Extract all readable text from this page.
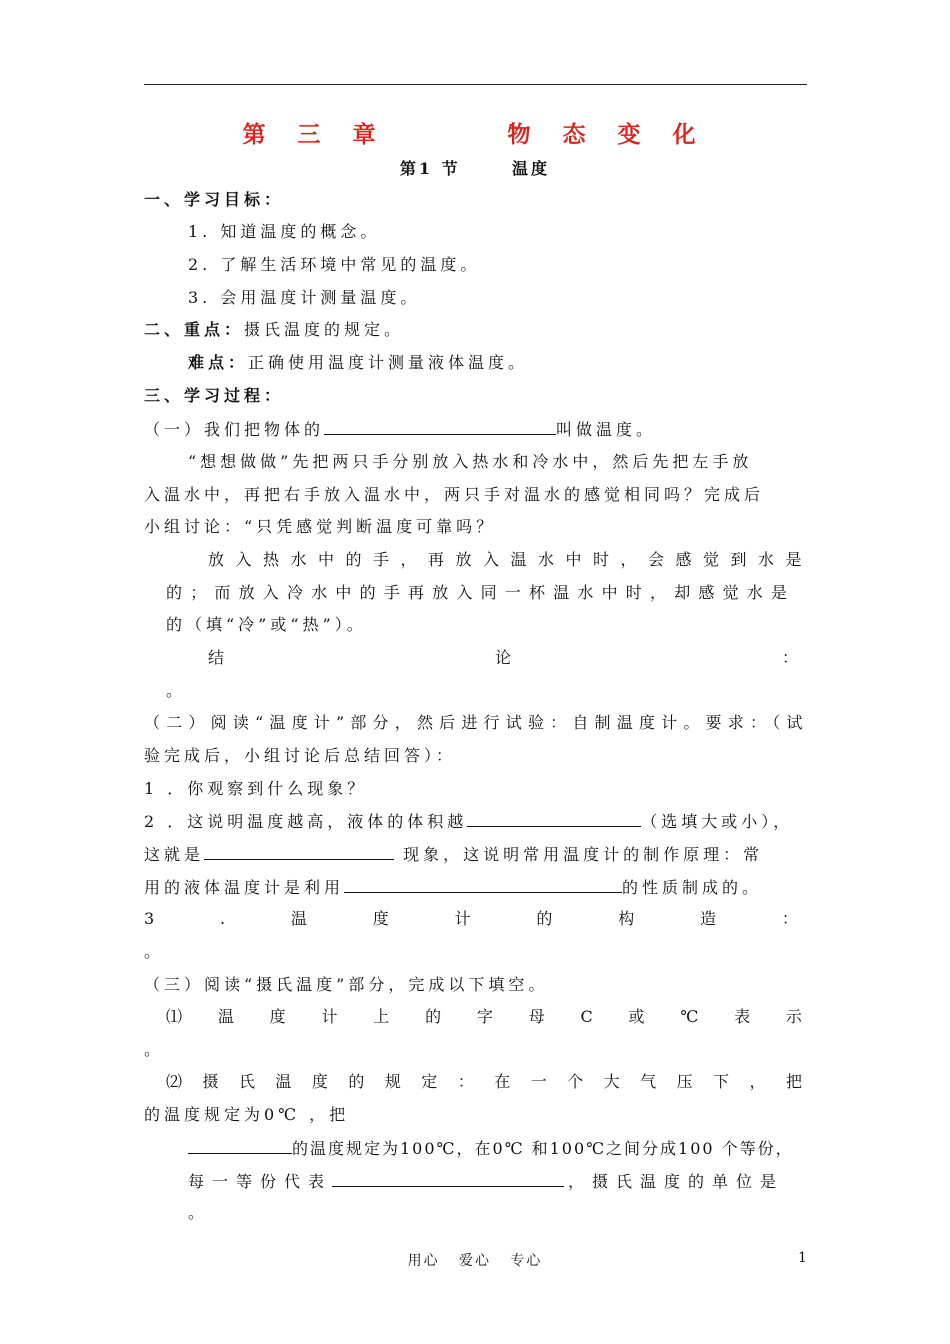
第 三 章      物 态 变 化
第1 节      温度
一、学习目标：
1. 知道温度的概念。
2. 了解生活环境中常见的温度。
3. 会用温度计测量温度。
二、重点：摄氏温度的规定。
难点：正确使用温度计测量液体温度。
三、学习过程：
（一）我们把物体的	叫做温度。
“想想做做”先把两只手分别放入热水和冷水中，然后先把左手放
入温水中，再把右手放入温水中，两只手对温水的感觉相同吗？完成后
小组讨论：“只凭感觉判断温度可靠吗？
放入热水中的手，再放入温水中时，会感觉到水是
的；而放入冷水中的手再放入同一杯温水中时，却感觉水是
的（填“冷”或“热”）。
结	论	：
。
（二）阅读“温度计”部分，然后进行试验：自制温度计。要求：（试
验完成后，小组讨论后总结回答）：
1 ．你观察到什么现象？
2 ．这说明温度越高，液体的体积越	（选填大或小），
这就是	现象，这说明常用温度计的制作原理：常
用的液体温度计是利用	的性质制成的。
3	.	温	度	计	的	构	造	：
。
（三）阅读“摄氏温度”部分，完成以下填空。
⑴ 温 度 计 上 的 字 母 C 或 ℃ 表 示
。
⑵ 摄 氏 温 度 的 规 定 ： 在 一 个 大 气 压 下 ， 把
的温度规定为0℃ ，把
的温度规定为100℃，在0℃ 和100℃之间分成100 个等份，
每一等份代表	，摄氏温度的单位是
。
用心   爱心   专心	1
